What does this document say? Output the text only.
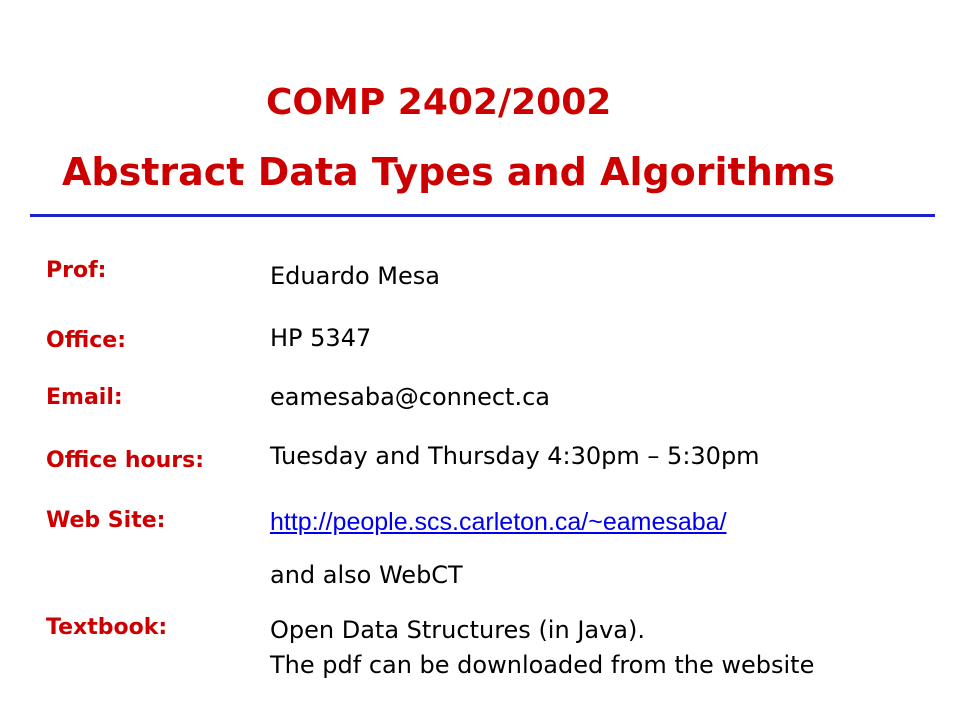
COMP 2402/2002
Abstract Data Types and Algorithms
Prof:	Eduardo Mesa
Office:	HP 5347
Email:	eamesaba@connect.ca
Office hours:	Tuesday and Thursday 4:30pm – 5:30pm
Web Site:	http://people.scs.carleton.ca/~eamesaba/
and also WebCT
Textbook:	Open Data Structures (in Java).
The pdf can be downloaded from the website
